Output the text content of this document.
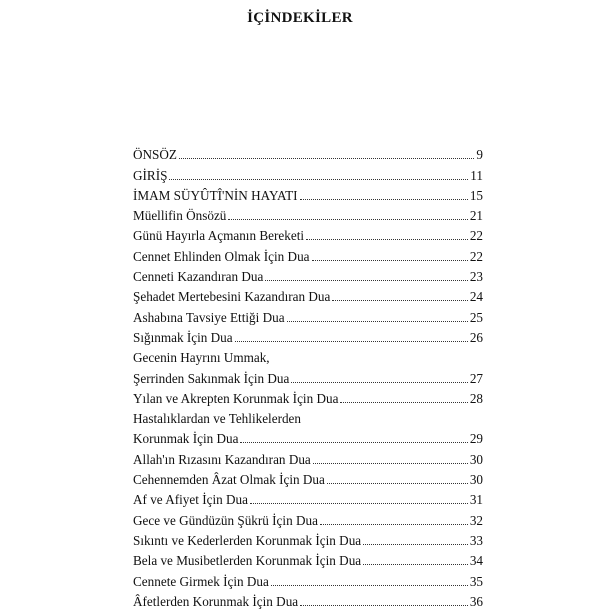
İÇİNDEKİLER
ÖNSÖZ	9
GİRİŞ	11
İMAM SÜYÛTÎ'NİN HAYATI	15
Müellifin Önsözü	21
Günü Hayırla Açmanın Bereketi	22
Cennet Ehlinden Olmak İçin Dua	22
Cenneti Kazandıran Dua	23
Şehadet Mertebesini Kazandıran Dua	24
Ashabına Tavsiye Ettiği Dua	25
Sığınmak İçin Dua	26
Gecenin Hayrını Ummak,
Şerrinden Sakınmak İçin Dua	27
Yılan ve Akrepten Korunmak İçin Dua	28
Hastalıklardan ve Tehlikelerden
Korunmak İçin Dua	29
Allah'ın Rızasını Kazandıran Dua	30
Cehennemden Âzat Olmak İçin Dua	30
Af ve Afiyet İçin Dua	31
Gece ve Gündüzün Şükrü İçin Dua	32
Sıkıntı ve Kederlerden Korunmak İçin Dua	33
Bela ve Musibetlerden Korunmak İçin Dua	34
Cennete Girmek İçin Dua	35
Âfetlerden Korunmak İçin Dua	36
